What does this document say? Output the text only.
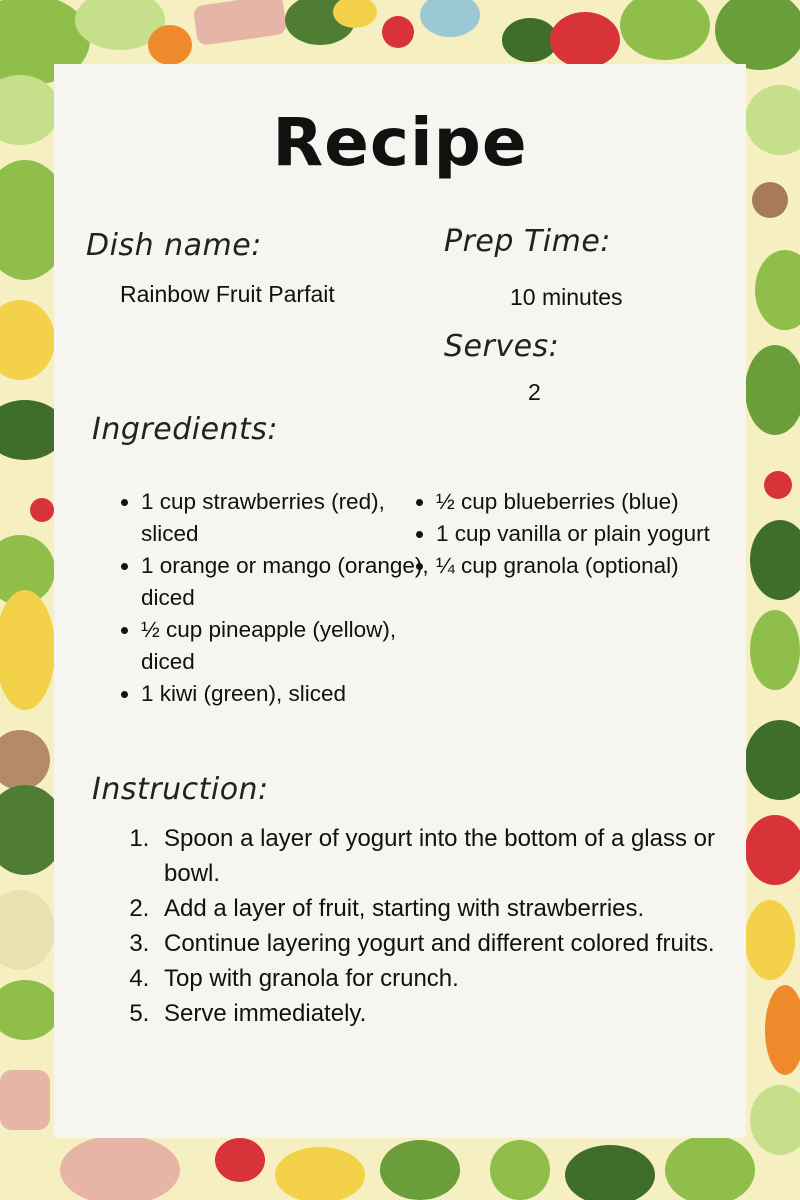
Recipe
Dish name:
Rainbow Fruit Parfait
Prep Time:
10 minutes
Serves:
2
Ingredients:
• 1 cup strawberries (red), sliced
• 1 orange or mango (orange), diced
• ½ cup pineapple (yellow), diced
• 1 kiwi (green), sliced
• ½ cup blueberries (blue)
• 1 cup vanilla or plain yogurt
• ¼ cup granola (optional)
Instruction:
1. Spoon a layer of yogurt into the bottom of a glass or bowl.
2. Add a layer of fruit, starting with strawberries.
3. Continue layering yogurt and different colored fruits.
4. Top with granola for crunch.
5. Serve immediately.
